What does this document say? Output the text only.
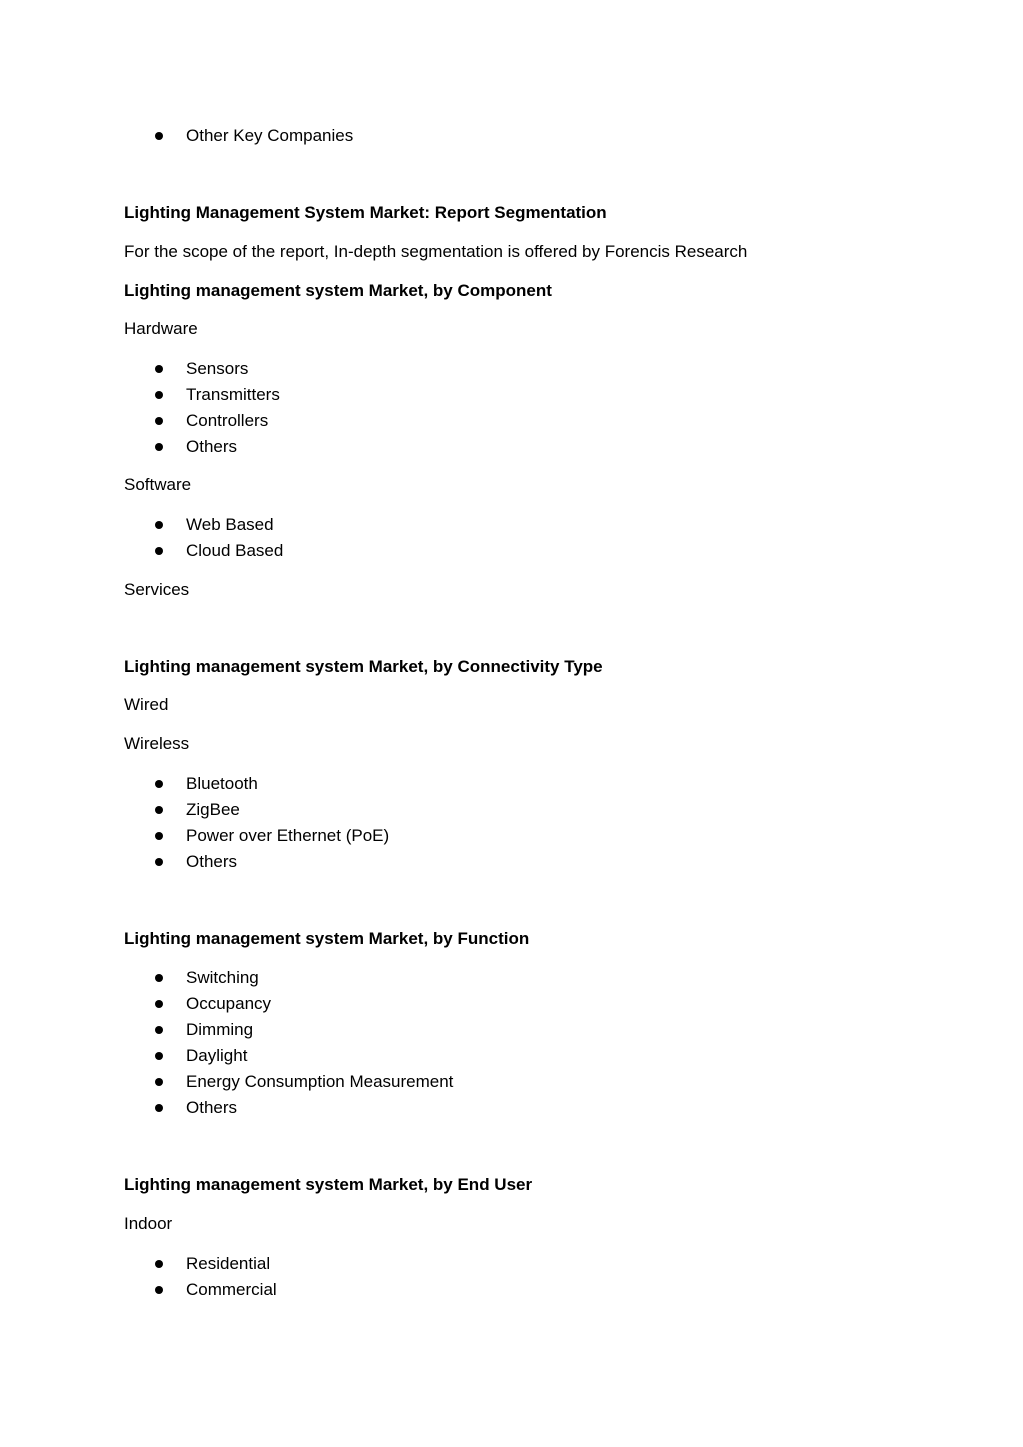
Other Key Companies
Lighting Management System Market: Report Segmentation
For the scope of the report, In-depth segmentation is offered by Forencis Research
Lighting management system Market, by Component
Hardware
Sensors
Transmitters
Controllers
Others
Software
Web Based
Cloud Based
Services
Lighting management system Market, by Connectivity Type
Wired
Wireless
Bluetooth
ZigBee
Power over Ethernet (PoE)
Others
Lighting management system Market, by Function
Switching
Occupancy
Dimming
Daylight
Energy Consumption Measurement
Others
Lighting management system Market, by End User
Indoor
Residential
Commercial
